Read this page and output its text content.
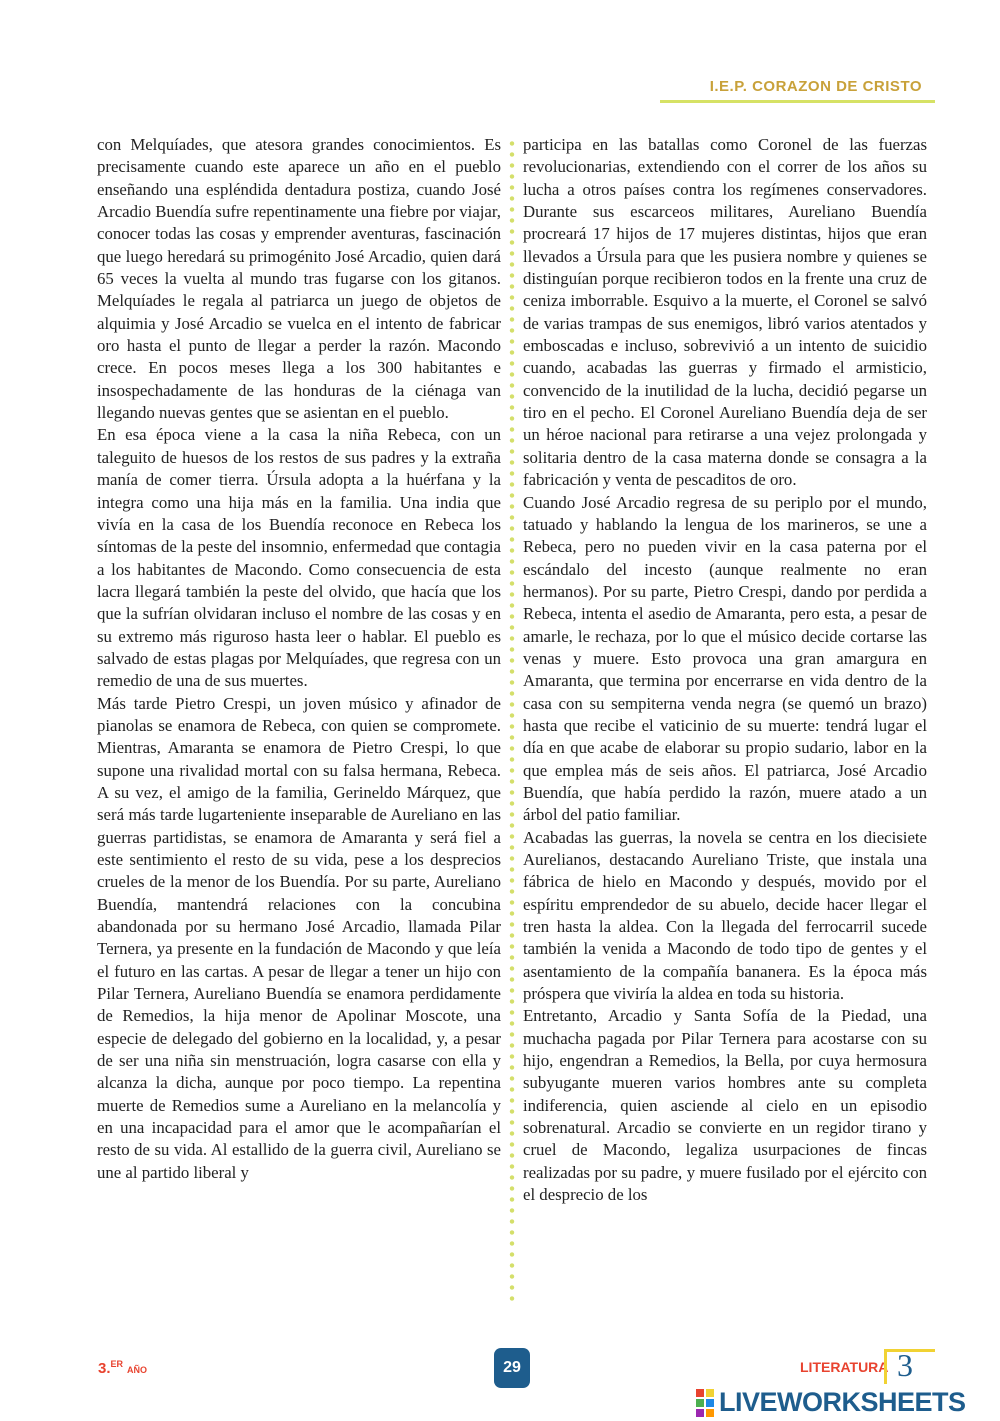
I.E.P. CORAZON DE CRISTO

con Melquíades, que atesora grandes conocimientos. Es precisamente cuando este aparece un año en el pueblo enseñando una espléndida dentadura postiza, cuando José Arcadio Buendía sufre repentinamente una fiebre por viajar, conocer todas las cosas y emprender aventuras, fascinación que luego heredará su primogénito José Arcadio, quien dará 65 veces la vuelta al mundo tras fugarse con los gitanos. Melquíades le regala al patriarca un juego de objetos de alquimia y José Arcadio se vuelca en el intento de fabricar oro hasta el punto de llegar a perder la razón. Macondo crece. En pocos meses llega a los 300 habitantes e insospechadamente de las honduras de la ciénaga van llegando nuevas gentes que se asientan en el pueblo.

En esa época viene a la casa la niña Rebeca, con un taleguito de huesos de los restos de sus padres y la extraña manía de comer tierra. Úrsula adopta a la huérfana y la integra como una hija más en la familia. Una india que vivía en la casa de los Buendía reconoce en Rebeca los síntomas de la peste del insomnio, enfermedad que contagia a los habitantes de Macondo. Como consecuencia de esta lacra llegará también la peste del olvido, que hacía que los que la sufrían olvidaran incluso el nombre de las cosas y en su extremo más riguroso hasta leer o hablar. El pueblo es salvado de estas plagas por Melquíades, que regresa con un remedio de una de sus muertes.

Más tarde Pietro Crespi, un joven músico y afinador de pianolas se enamora de Rebeca, con quien se compromete. Mientras, Amaranta se enamora de Pietro Crespi, lo que supone una rivalidad mortal con su falsa hermana, Rebeca. A su vez, el amigo de la familia, Gerineldo Márquez, que será más tarde lugarteniente inseparable de Aureliano en las guerras partidistas, se enamora de Amaranta y será fiel a este sentimiento el resto de su vida, pese a los desprecios crueles de la menor de los Buendía. Por su parte, Aureliano Buendía, mantendrá relaciones con la concubina abandonada por su hermano José Arcadio, llamada Pilar Ternera, ya presente en la fundación de Macondo y que leía el futuro en las cartas. A pesar de llegar a tener un hijo con Pilar Ternera, Aureliano Buendía se enamora perdidamente de Remedios, la hija menor de Apolinar Moscote, una especie de delegado del gobierno en la localidad, y, a pesar de ser una niña sin menstruación, logra casarse con ella y alcanza la dicha, aunque por poco tiempo. La repentina muerte de Remedios sume a Aureliano en la melancolía y en una incapacidad para el amor que le acompañarían el resto de su vida. Al estallido de la guerra civil, Aureliano se une al partido liberal y

participa en las batallas como Coronel de las fuerzas revolucionarias, extendiendo con el correr de los años su lucha a otros países contra los regímenes conservadores. Durante sus escarceos militares, Aureliano Buendía procreará 17 hijos de 17 mujeres distintas, hijos que eran llevados a Úrsula para que les pusiera nombre y quienes se distinguían porque recibieron todos en la frente una cruz de ceniza imborrable. Esquivo a la muerte, el Coronel se salvó de varias trampas de sus enemigos, libró varios atentados y emboscadas e incluso, sobrevivió a un intento de suicidio cuando, acabadas las guerras y firmado el armisticio, convencido de la inutilidad de la lucha, decidió pegarse un tiro en el pecho. El Coronel Aureliano Buendía deja de ser un héroe nacional para retirarse a una vejez prolongada y solitaria dentro de la casa materna donde se consagra a la fabricación y venta de pescaditos de oro.

Cuando José Arcadio regresa de su periplo por el mundo, tatuado y hablando la lengua de los marineros, se une a Rebeca, pero no pueden vivir en la casa paterna por el escándalo del incesto (aunque realmente no eran hermanos). Por su parte, Pietro Crespi, dando por perdida a Rebeca, intenta el asedio de Amaranta, pero esta, a pesar de amarle, le rechaza, por lo que el músico decide cortarse las venas y muere. Esto provoca una gran amargura en Amaranta, que termina por encerrarse en vida dentro de la casa con su sempiterna venda negra (se quemó un brazo) hasta que recibe el vaticinio de su muerte: tendrá lugar el día en que acabe de elaborar su propio sudario, labor en la que emplea más de seis años. El patriarca, José Arcadio Buendía, que había perdido la razón, muere atado a un árbol del patio familiar.

Acabadas las guerras, la novela se centra en los diecisiete Aurelianos, destacando Aureliano Triste, que instala una fábrica de hielo en Macondo y después, movido por el espíritu emprendedor de su abuelo, decide hacer llegar el tren hasta la aldea. Con la llegada del ferrocarril sucede también la venida a Macondo de todo tipo de gentes y el asentamiento de la compañía bananera. Es la época más próspera que viviría la aldea en toda su historia.

Entretanto, Arcadio y Santa Sofía de la Piedad, una muchacha pagada por Pilar Ternera para acostarse con su hijo, engendran a Remedios, la Bella, por cuya hermosura subyugante mueren varios hombres ante su completa indiferencia, quien asciende al cielo en un episodio sobrenatural. Arcadio se convierte en un regidor tirano y cruel de Macondo, legaliza usurpaciones de fincas realizadas por su padre, y muere fusilado por el ejército con el desprecio de los

3.$^{ER}$AÑO	29	LITERATURA 3
LIVEWORKSHEETS
